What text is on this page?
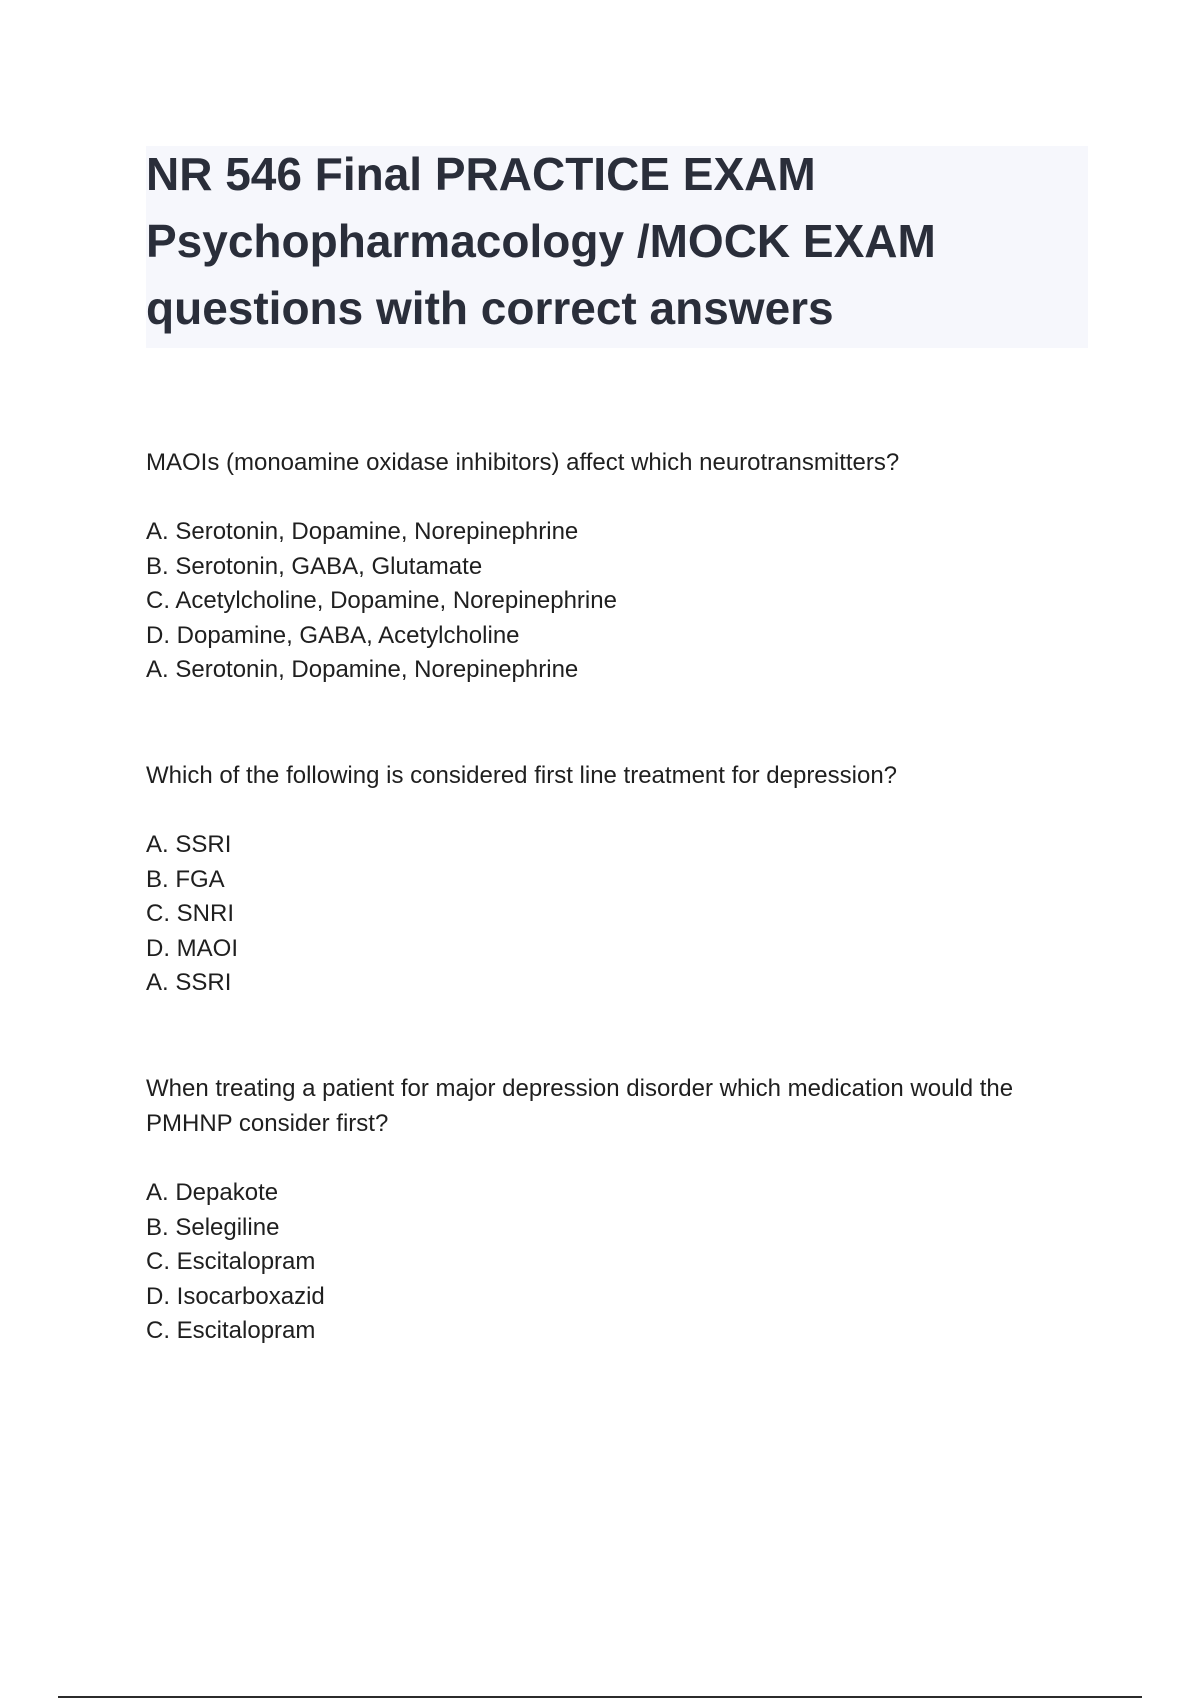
NR 546 Final PRACTICE EXAM
Psychopharmacology /MOCK EXAM
questions with correct answers
MAOIs (monoamine oxidase inhibitors) affect which neurotransmitters?
A. Serotonin, Dopamine, Norepinephrine
B. Serotonin, GABA, Glutamate
C. Acetylcholine, Dopamine, Norepinephrine
D. Dopamine, GABA, Acetylcholine
A. Serotonin, Dopamine, Norepinephrine
Which of the following is considered first line treatment for depression?
A. SSRI
B. FGA
C. SNRI
D. MAOI
A. SSRI
When treating a patient for major depression disorder which medication would the PMHNP consider first?
A. Depakote
B. Selegiline
C. Escitalopram
D. Isocarboxazid
C. Escitalopram
